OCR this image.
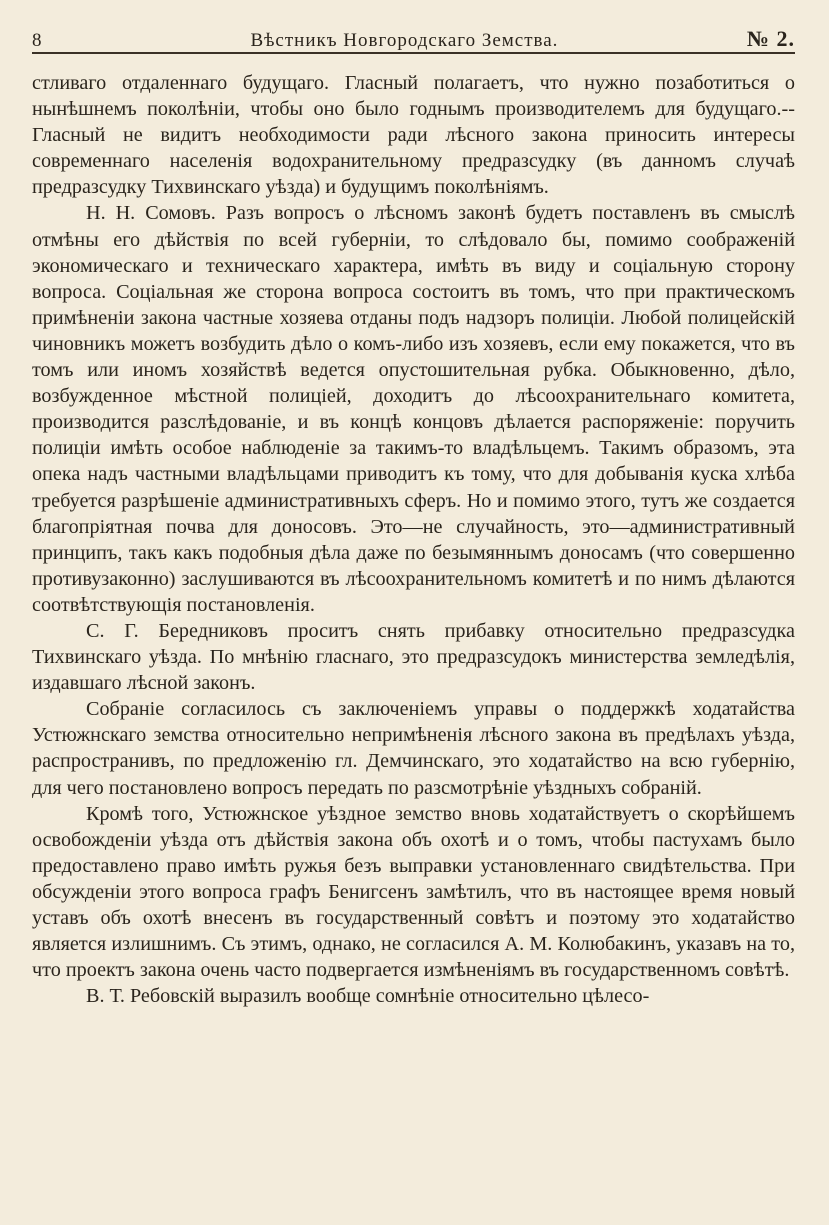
8	Вѣстникъ Новгородскаго Земства.	№ 2.

стливаго отдаленнаго будущаго. Гласный полагаетъ, что нужно позаботиться о нынѣшнемъ поколѣніи, чтобы оно было годнымъ производителемъ для будущаго.--Гласный не видитъ необходимости ради лѣсного закона приносить интересы современнаго населенія водохранительному предразсудку (въ данномъ случаѣ предразсудку Тихвинскаго уѣзда) и будущимъ поколѣніямъ.

Н. Н. Сомовъ. Разъ вопросъ о лѣсномъ законѣ будетъ поставленъ въ смыслѣ отмѣны его дѣйствія по всей губерніи, то слѣдовало бы, помимо соображеній экономическаго и техническаго характера, имѣть въ виду и соціальную сторону вопроса. Соціальная же сторона вопроса состоитъ въ томъ, что при практическомъ примѣненіи закона частные хозяева отданы подъ надзоръ полиціи. Любой полицейскій чиновникъ можетъ возбудить дѣло о комъ-либо изъ хозяевъ, если ему покажется, что въ томъ или иномъ хозяйствѣ ведется опустошительная рубка. Обыкновенно, дѣло, возбужденное мѣстной полиціей, доходитъ до лѣсоохранительнаго комитета, производится разслѣдованіе, и въ концѣ концовъ дѣлается распоряженіе: поручить полиціи имѣть особое наблюденіе за такимъ-то владѣльцемъ. Такимъ образомъ, эта опека надъ частными владѣльцами приводитъ къ тому, что для добыванія куска хлѣба требуется разрѣшеніе административныхъ сферъ. Но и помимо этого, тутъ же создается благопріятная почва для доносовъ. Это—не случайность, это—административный принципъ, такъ какъ подобныя дѣла даже по безымяннымъ доносамъ (что совершенно противузаконно) заслушиваются въ лѣсоохранительномъ комитетѣ и по нимъ дѣлаются соотвѣтствующія постановленія.

С. Г. Бередниковъ проситъ снять прибавку относительно предразсудка Тихвинскаго уѣзда. По мнѣнію гласнаго, это предразсудокъ министерства земледѣлія, издавшаго лѣсной законъ.

Собраніе согласилось съ заключеніемъ управы о поддержкѣ ходатайства Устюжнскаго земства относительно непримѣненія лѣсного закона въ предѣлахъ уѣзда, распространивъ, по предложенію гл. Демчинскаго, это ходатайство на всю губернію, для чего постановлено вопросъ передать по разсмотрѣніе уѣздныхъ собраній.

Кромѣ того, Устюжнское уѣздное земство вновь ходатайствуетъ о скорѣйшемъ освобожденіи уѣзда отъ дѣйствія закона объ охотѣ и о томъ, чтобы пастухамъ было предоставлено право имѣть ружья безъ выправки установленнаго свидѣтельства. При обсужденіи этого вопроса графъ Бенигсенъ замѣтилъ, что въ настоящее время новый уставъ объ охотѣ внесенъ въ государственный совѣтъ и поэтому это ходатайство является излишнимъ. Съ этимъ, однако, не согласился А. М. Колюбакинъ, указавъ на то, что проектъ закона очень часто подвергается измѣненіямъ въ государственномъ совѣтѣ.

В. Т. Ребовскій выразилъ вообще сомнѣніе относительно цѣлесо-
